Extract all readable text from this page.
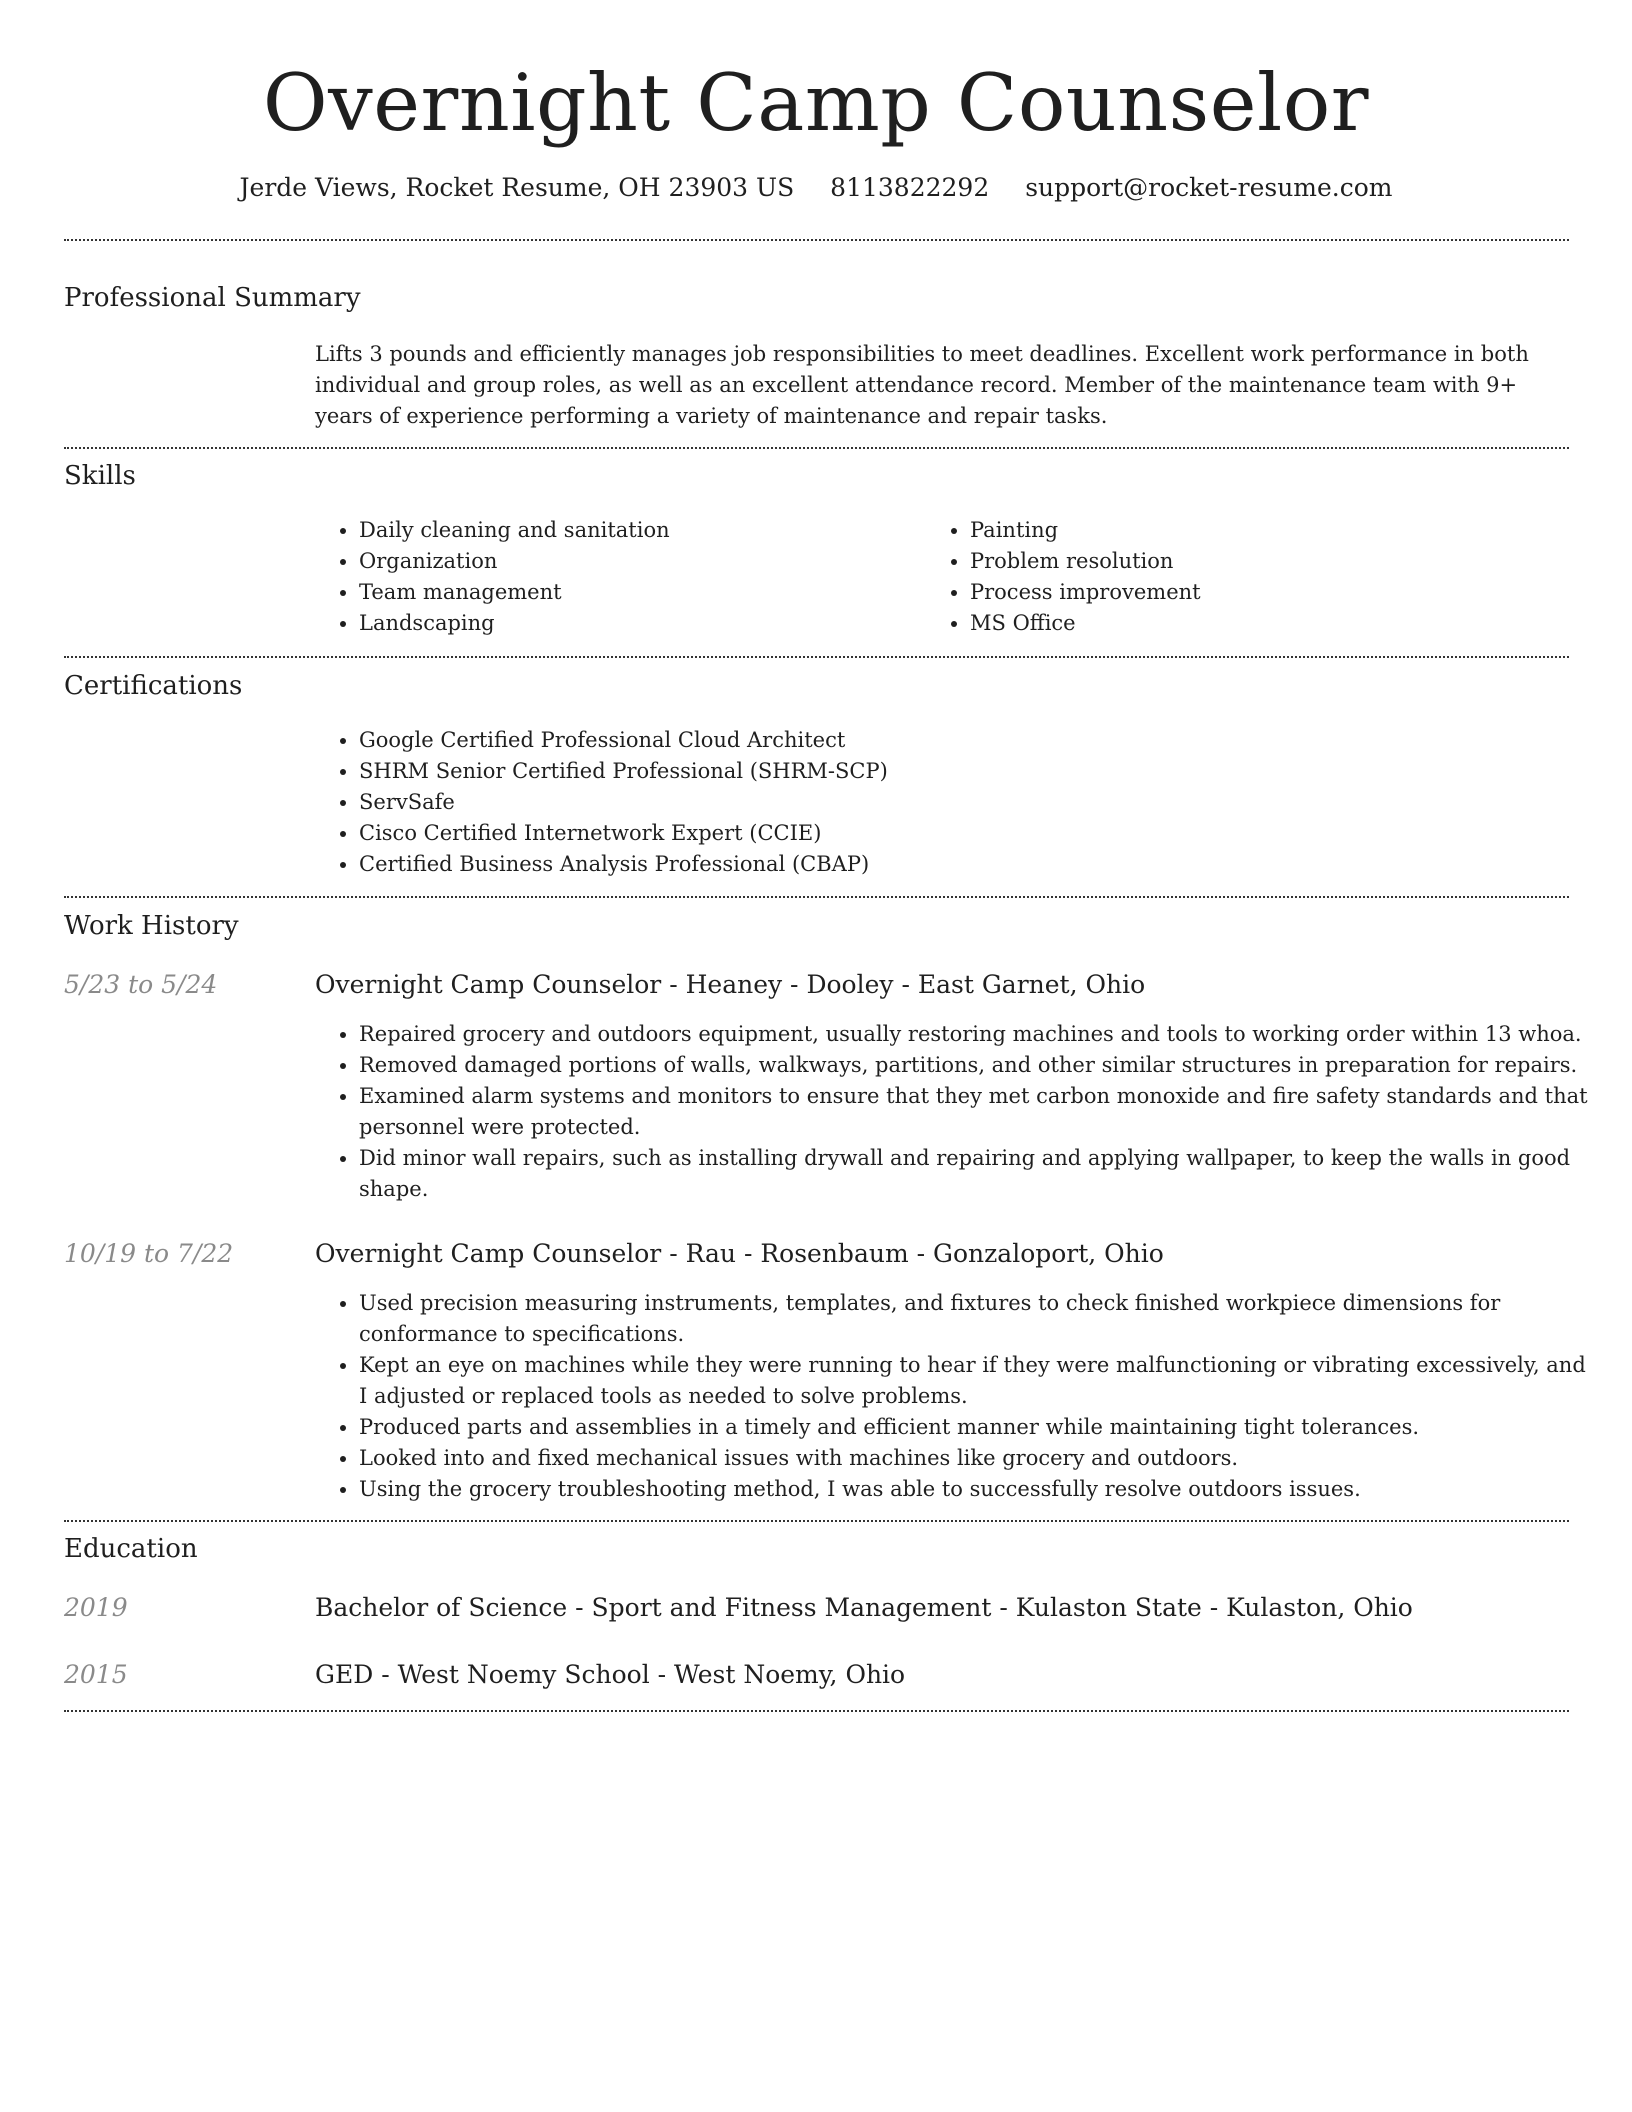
Overnight Camp Counselor
Jerde Views, Rocket Resume, OH 23903 US 8113822292 support@rocket-resume.com
Professional Summary
Lifts 3 pounds and efficiently manages job responsibilities to meet deadlines. Excellent work performance in both individual and group roles, as well as an excellent attendance record. Member of the maintenance team with 9+ years of experience performing a variety of maintenance and repair tasks.
Skills
• Daily cleaning and sanitation
• Organization
• Team management
• Landscaping
• Painting
• Problem resolution
• Process improvement
• MS Office
Certifications
• Google Certified Professional Cloud Architect
• SHRM Senior Certified Professional (SHRM-SCP)
• ServSafe
• Cisco Certified Internetwork Expert (CCIE)
• Certified Business Analysis Professional (CBAP)
Work History
5/23 to 5/24	Overnight Camp Counselor - Heaney - Dooley - East Garnet, Ohio
• Repaired grocery and outdoors equipment, usually restoring machines and tools to working order within 13 whoa.
• Removed damaged portions of walls, walkways, partitions, and other similar structures in preparation for repairs.
• Examined alarm systems and monitors to ensure that they met carbon monoxide and fire safety standards and that personnel were protected.
• Did minor wall repairs, such as installing drywall and repairing and applying wallpaper, to keep the walls in good shape.
10/19 to 7/22	Overnight Camp Counselor - Rau - Rosenbaum - Gonzaloport, Ohio
• Used precision measuring instruments, templates, and fixtures to check finished workpiece dimensions for conformance to specifications.
• Kept an eye on machines while they were running to hear if they were malfunctioning or vibrating excessively, and I adjusted or replaced tools as needed to solve problems.
• Produced parts and assemblies in a timely and efficient manner while maintaining tight tolerances.
• Looked into and fixed mechanical issues with machines like grocery and outdoors.
• Using the grocery troubleshooting method, I was able to successfully resolve outdoors issues.
Education
2019	Bachelor of Science - Sport and Fitness Management - Kulaston State - Kulaston, Ohio
2015	GED - West Noemy School - West Noemy, Ohio
